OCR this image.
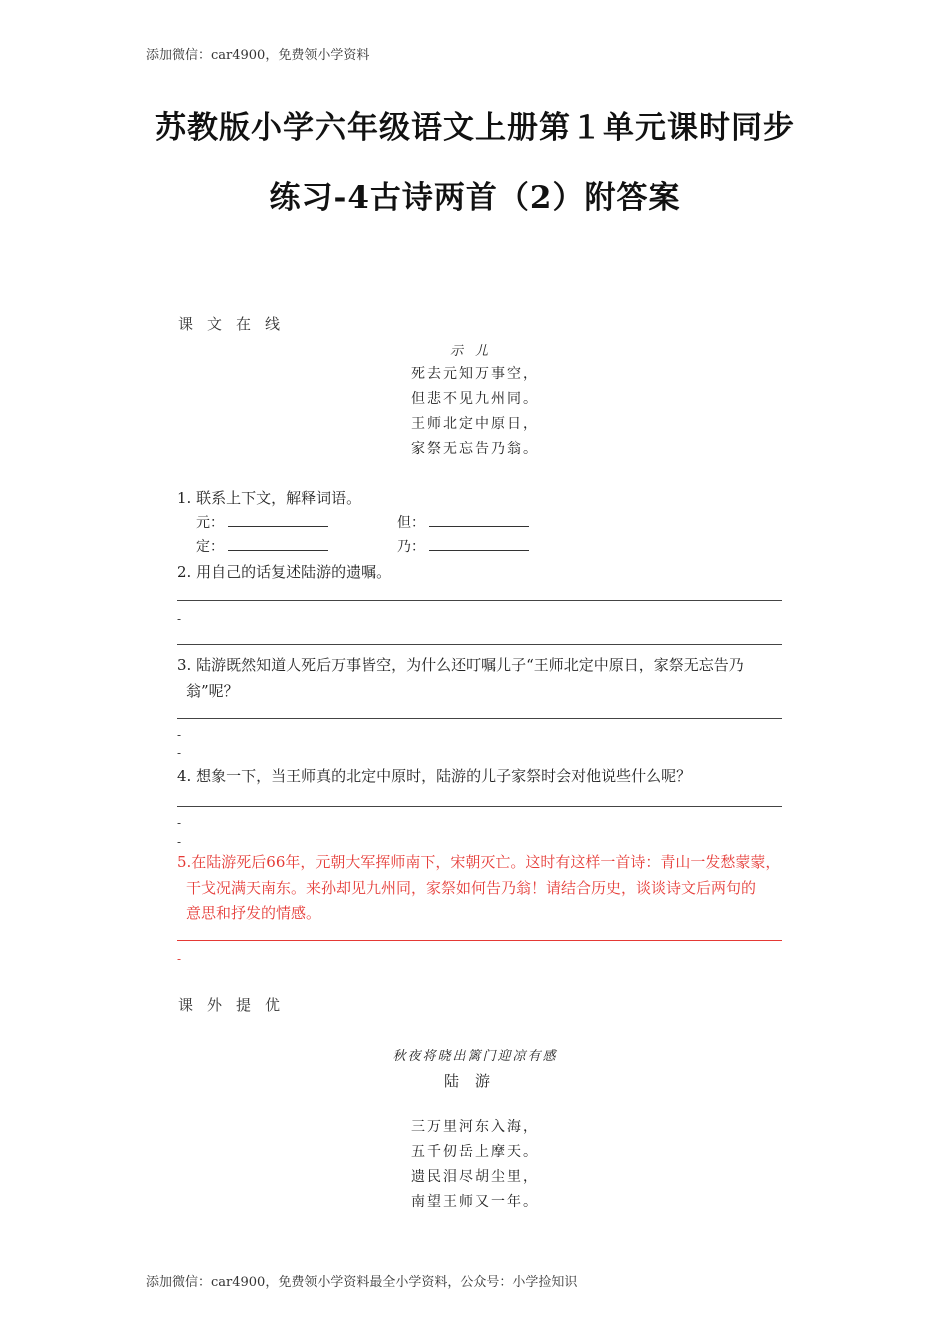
添加微信：car4900，免费领小学资料
苏教版小学六年级语文上册第１单元课时同步
练习-4古诗两首（2）附答案
课文在线
示儿
死去元知万事空，
但悲不见九州同。
王师北定中原日，
家祭无忘告乃翁。
1. 联系上下文，解释词语。
元：	但：
定：	乃：
2. 用自己的话复述陆游的遗嘱。
-
3. 陆游既然知道人死后万事皆空，为什么还叮嘱儿子“王师北定中原日，家祭无忘告乃
翁”呢？
-
-
4. 想象一下，当王师真的北定中原时，陆游的儿子家祭时会对他说些什么呢？
-
-
5.在陆游死后66年，元朝大军挥师南下，宋朝灭亡。这时有这样一首诗：青山一发愁蒙蒙，
干戈况满天南东。来孙却见九州同，家祭如何告乃翁！请结合历史，谈谈诗文后两句的
意思和抒发的情感。
-
课外提优
秋夜将晓出篱门迎凉有感
陆游
三万里河东入海，
五千仞岳上摩天。
遗民泪尽胡尘里，
南望王师又一年。
添加微信：car4900，免费领小学资料最全小学资料，公众号：小学捡知识
